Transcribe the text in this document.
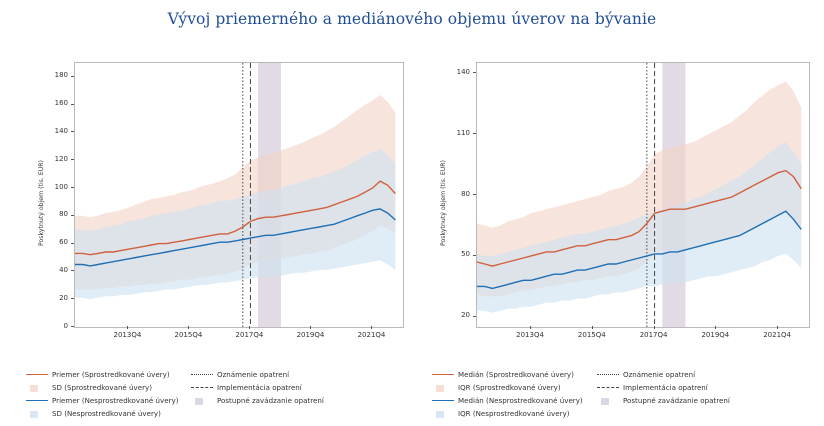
Vývoj priemerného a mediánového objemu úverov na bývanie
Poskytnutý objem (tis. EUR)
0
20
40
60
80
100
120
140
160
180
2013Q4	2015Q4	2017Q4	2019Q4	2021Q4
Poskytnutý objem (tis. EUR)
20
50
80
110
140
2013Q4	2015Q4	2017Q4	2019Q4	2021Q4
Priemer (Sprostredkované úvery)
SD (Sprostredkované úvery)
Priemer (Nesprostredkované úvery)
SD (Nesprostredkované úvery)
Oznámenie opatrení
Implementácia opatrení
Postupné zavádzanie opatrení
Medián (Sprostredkované úvery)
IQR (Sprostredkované úvery)
Medián (Nesprostredkované úvery)
IQR (Nesprostredkované úvery)
Oznámenie opatrení
Implementácia opatrení
Postupné zavádzanie opatrení
